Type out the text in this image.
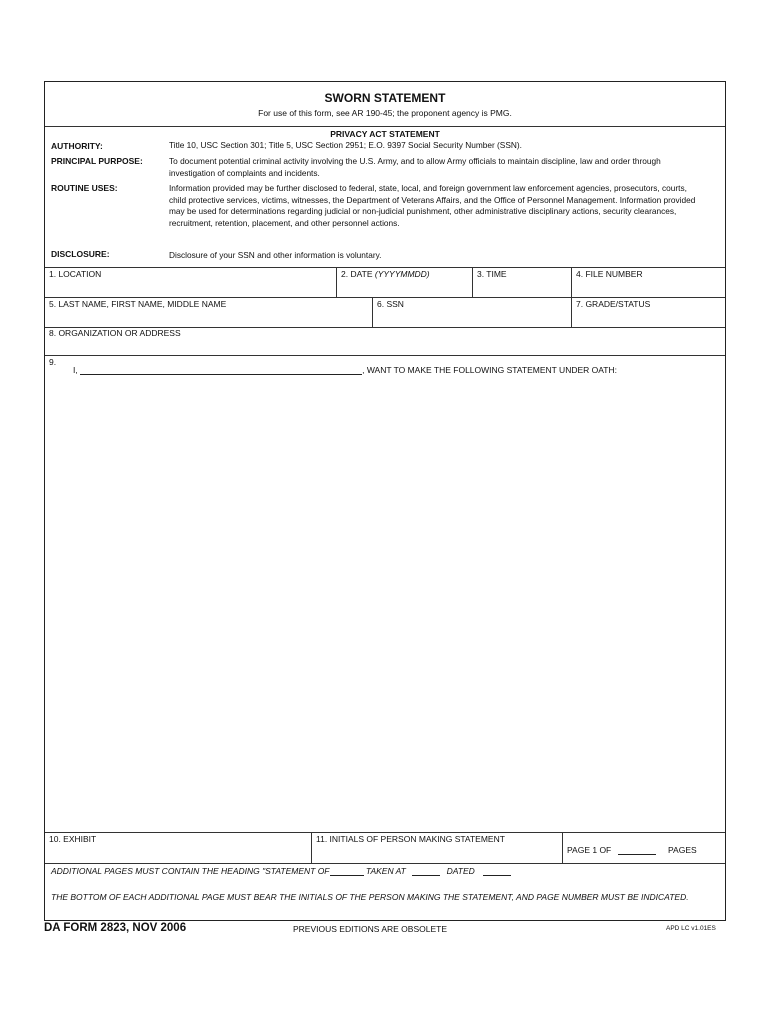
SWORN STATEMENT
For use of this form, see AR 190-45; the proponent agency is PMG.
PRIVACY ACT STATEMENT
AUTHORITY:	Title 10, USC Section 301; Title 5, USC Section 2951; E.O. 9397 Social Security Number (SSN).
PRINCIPAL PURPOSE:	To document potential criminal activity involving the U.S. Army, and to allow Army officials to maintain discipline, law and order through investigation of complaints and incidents.
ROUTINE USES:	Information provided may be further disclosed to federal, state, local, and foreign government law enforcement agencies, prosecutors, courts, child protective services, victims, witnesses, the Department of Veterans Affairs, and the Office of Personnel Management. Information provided may be used for determinations regarding judicial or non-judicial punishment, other administrative disciplinary actions, security clearances, recruitment, retention, placement, and other personnel actions.
DISCLOSURE:	Disclosure of your SSN and other information is voluntary.
1. LOCATION	2. DATE (YYYYMMDD)	3. TIME	4. FILE NUMBER
5. LAST NAME, FIRST NAME, MIDDLE NAME	6. SSN	7. GRADE/STATUS
8. ORGANIZATION OR ADDRESS
9.
I,	, WANT TO MAKE THE FOLLOWING STATEMENT UNDER OATH:
10. EXHIBIT	11. INITIALS OF PERSON MAKING STATEMENT
PAGE 1 OF	PAGES
ADDITIONAL PAGES MUST CONTAIN THE HEADING "STATEMENT OF	TAKEN AT	DATED
THE BOTTOM OF EACH ADDITIONAL PAGE MUST BEAR THE INITIALS OF THE PERSON MAKING THE STATEMENT, AND PAGE NUMBER MUST BE INDICATED.
DA FORM 2823, NOV 2006	PREVIOUS EDITIONS ARE OBSOLETE	APD LC v1.01ES
